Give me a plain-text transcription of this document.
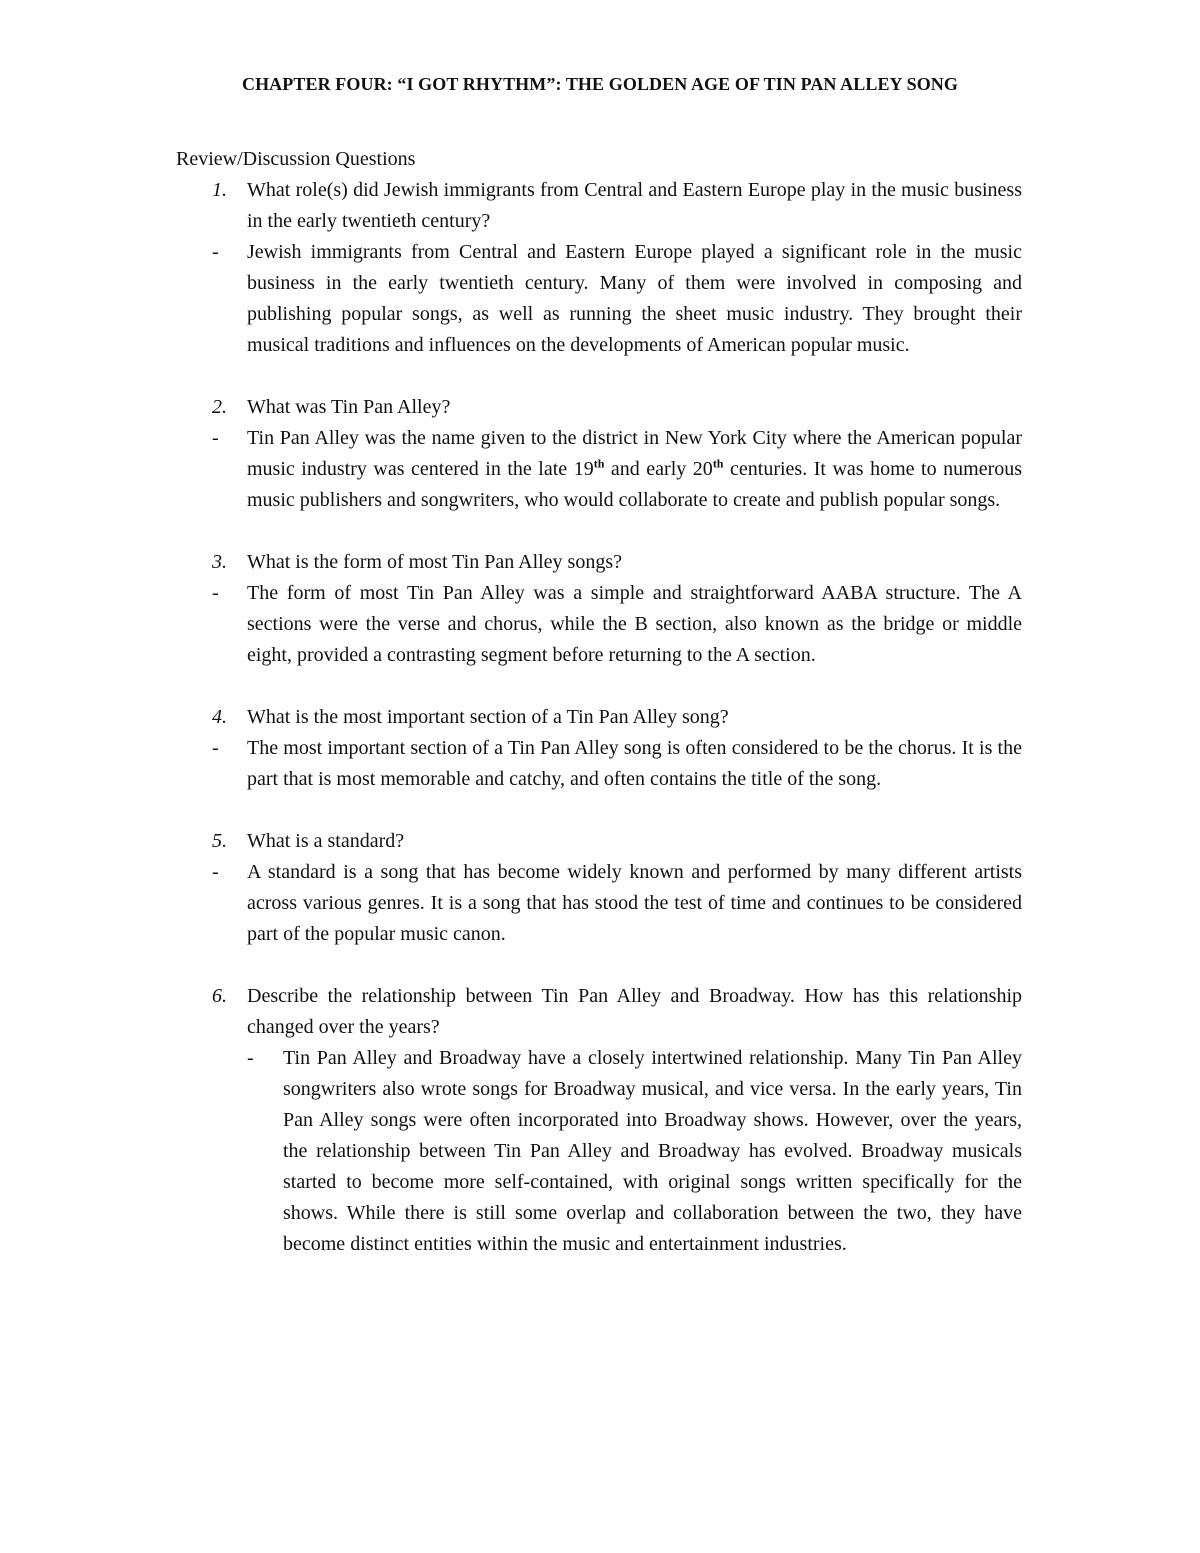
CHAPTER FOUR: “I GOT RHYTHM”: THE GOLDEN AGE OF TIN PAN ALLEY SONG
Review/Discussion Questions
1. What role(s) did Jewish immigrants from Central and Eastern Europe play in the music business in the early twentieth century?
- Jewish immigrants from Central and Eastern Europe played a significant role in the music business in the early twentieth century. Many of them were involved in composing and publishing popular songs, as well as running the sheet music industry. They brought their musical traditions and influences on the developments of American popular music.
2. What was Tin Pan Alley?
- Tin Pan Alley was the name given to the district in New York City where the American popular music industry was centered in the late 19th and early 20th centuries. It was home to numerous music publishers and songwriters, who would collaborate to create and publish popular songs.
3. What is the form of most Tin Pan Alley songs?
- The form of most Tin Pan Alley was a simple and straightforward AABA structure. The A sections were the verse and chorus, while the B section, also known as the bridge or middle eight, provided a contrasting segment before returning to the A section.
4. What is the most important section of a Tin Pan Alley song?
- The most important section of a Tin Pan Alley song is often considered to be the chorus. It is the part that is most memorable and catchy, and often contains the title of the song.
5. What is a standard?
- A standard is a song that has become widely known and performed by many different artists across various genres. It is a song that has stood the test of time and continues to be considered part of the popular music canon.
6. Describe the relationship between Tin Pan Alley and Broadway. How has this relationship changed over the years?
- Tin Pan Alley and Broadway have a closely intertwined relationship. Many Tin Pan Alley songwriters also wrote songs for Broadway musical, and vice versa. In the early years, Tin Pan Alley songs were often incorporated into Broadway shows. However, over the years, the relationship between Tin Pan Alley and Broadway has evolved. Broadway musicals started to become more self-contained, with original songs written specifically for the shows. While there is still some overlap and collaboration between the two, they have become distinct entities within the music and entertainment industries.
